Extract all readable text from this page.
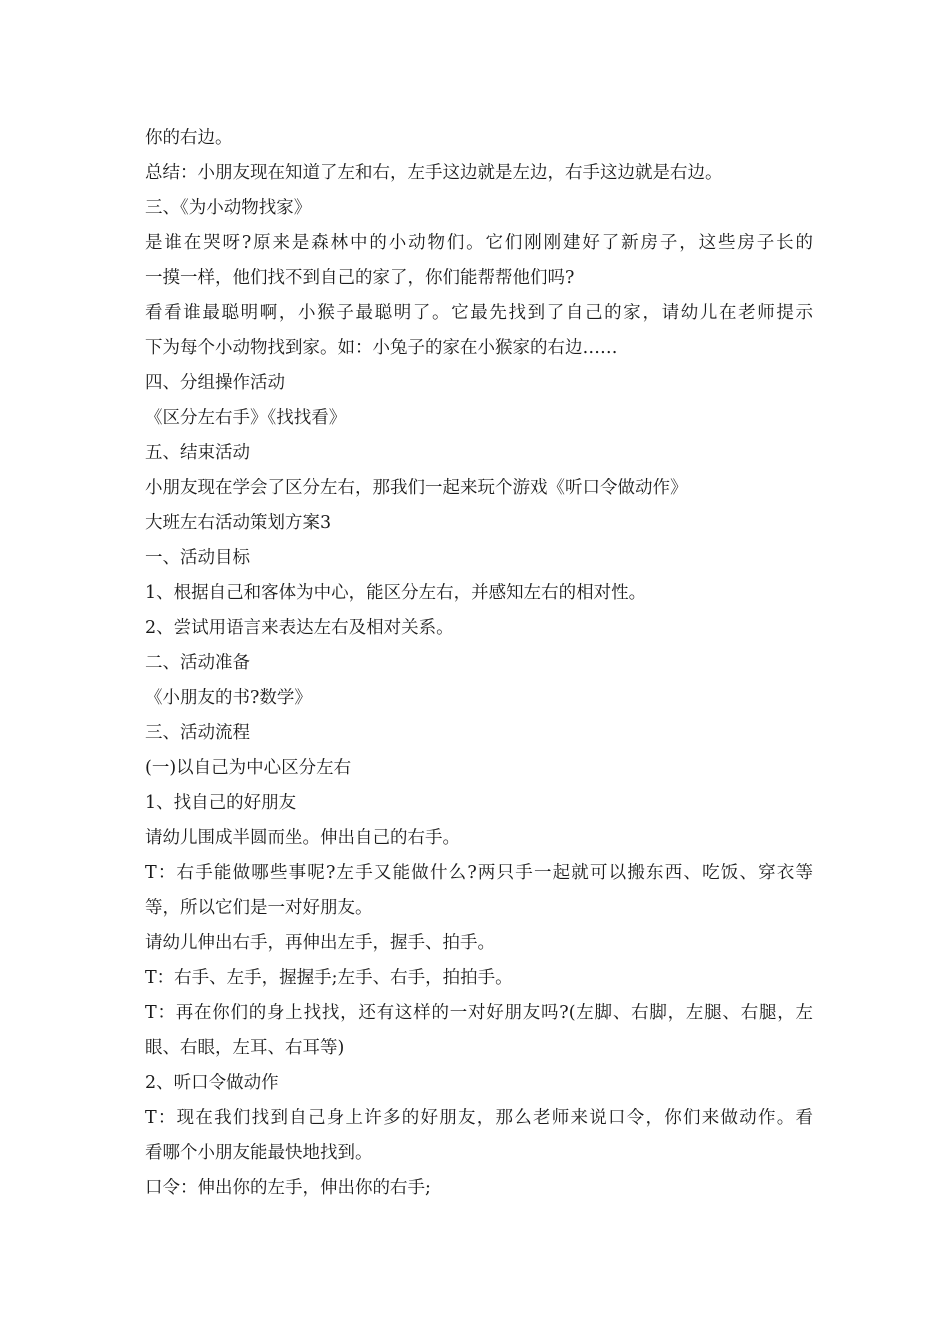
你的右边。
总结：小朋友现在知道了左和右，左手这边就是左边，右手这边就是右边。
三、《为小动物找家》
是谁在哭呀?原来是森林中的小动物们。它们刚刚建好了新房子，这些房子长的
一摸一样，他们找不到自己的家了，你们能帮帮他们吗?
看看谁最聪明啊，小猴子最聪明了。它最先找到了自己的家，请幼儿在老师提示
下为每个小动物找到家。如：小兔子的家在小猴家的右边……
四、分组操作活动
《区分左右手》《找找看》
五、结束活动
小朋友现在学会了区分左右，那我们一起来玩个游戏《听口令做动作》
大班左右活动策划方案3
一、活动目标
1、根据自己和客体为中心，能区分左右，并感知左右的相对性。
2、尝试用语言来表达左右及相对关系。
二、活动准备
《小朋友的书?数学》
三、活动流程
(一)以自己为中心区分左右
1、找自己的好朋友
请幼儿围成半圆而坐。伸出自己的右手。
T：右手能做哪些事呢?左手又能做什么?两只手一起就可以搬东西、吃饭、穿衣等
等，所以它们是一对好朋友。
请幼儿伸出右手，再伸出左手，握手、拍手。
T：右手、左手，握握手;左手、右手，拍拍手。
T：再在你们的身上找找，还有这样的一对好朋友吗?(左脚、右脚，左腿、右腿，左
眼、右眼，左耳、右耳等)
2、听口令做动作
T：现在我们找到自己身上许多的好朋友，那么老师来说口令，你们来做动作。看
看哪个小朋友能最快地找到。
口令：伸出你的左手，伸出你的右手;
